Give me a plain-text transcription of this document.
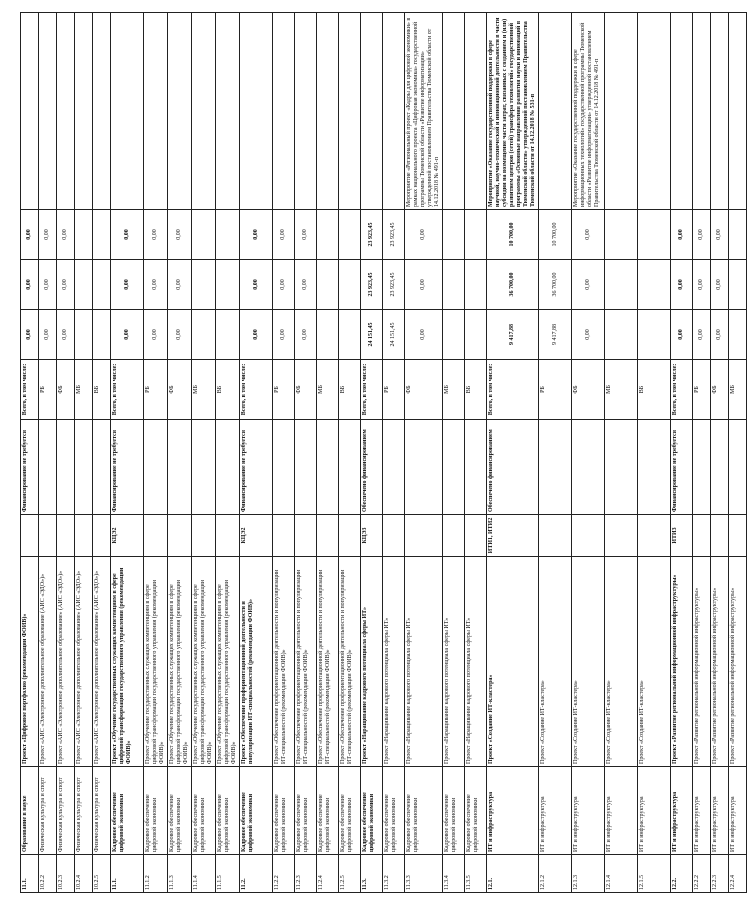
11.1.	Образование в науке	Проект «Цифровое портфолио (рекомендации ФОИВ)»		Финансирование не требуется	Всего, в том числе:	0,00	0,00	0,00	
10.2.2	Физическая культура и спорт	Проект «АИС «Электронное дополнительное образование (АИС «ЭДО»)»			РБ	0,00	0,00	0,00	
10.2.3	Физическая культура и спорт	Проект «АИС «Электронное дополнительное образование» (АИС «ЭДО»)»			ФБ	0,00	0,00	0,00	
10.2.4	Физическая культура и спорт	Проект «АИС «Электронное дополнительное образование» (АИС «ЭДО»)»			МБ				
10.2.5	Физическая культура и спорт	Проект «АИС «Электронное дополнительное образование» (АИС «ЭДО»)»			ВБ				
11.1.	Кадровое обеспечение цифровой экономики	Проект «Обучение государственных служащих компетенциям в сфере цифровой трансформации государственного управления (рекомендации ФОИВ)»	КЦЭ2	Финансирование не требуется	Всего, в том числе:	0,00	0,00	0,00	
11.1.2	Кадровое обеспечение цифровой экономики	Проект «Обучение государственных служащих компетенциям в сфере цифровой трансформации государственного управления (рекомендации ФОИВ)»			РБ	0,00	0,00	0,00	
11.1.3	Кадровое обеспечение цифровой экономики	Проект «Обучение государственных служащих компетенциям в сфере цифровой трансформации государственного управления (рекомендации ФОИВ)»			ФБ	0,00	0,00	0,00	
11.1.4	Кадровое обеспечение цифровой экономики	Проект «Обучение государственных служащих компетенциям в сфере цифровой трансформации государственного управления (рекомендации ФОИВ)»			МБ				
11.1.5	Кадровое обеспечение цифровой экономики	Проект «Обучение государственных служащих компетенциям в сфере цифровой трансформации государственного управления (рекомендации ФОИВ)»			ВБ				
11.2.	Кадровое обеспечение цифровой экономики	Проект «Обеспечение профориентационной деятельности и популяризации ИТ-специальностей (рекомендации ФОИВ)»	КЦЭ2	Финансирование не требуется	Всего, в том числе:	0,00	0,00	0,00	
11.2.2	Кадровое обеспечение цифровой экономики	Проект «Обеспечение профориентационной деятельности и популяризации ИТ-специальностей (рекомендации ФОИВ)»			РБ	0,00	0,00	0,00	
11.2.3	Кадровое обеспечение цифровой экономики	Проект «Обеспечение профориентационной деятельности и популяризации ИТ-специальностей (рекомендации ФОИВ)»			ФБ	0,00	0,00	0,00	
11.2.4	Кадровое обеспечение цифровой экономики	Проект «Обеспечение профориентационной деятельности и популяризации ИТ-специальностей (рекомендации ФОИВ)»			МБ				
11.2.5	Кадровое обеспечение цифровой экономики	Проект «Обеспечение профориентационной деятельности и популяризации ИТ-специальностей (рекомендации ФОИВ)»			ВБ				
11.3.	Кадровое обеспечение цифровой экономики	Проект «Наращивание кадрового потенциала сферы ИТ»	КЦЭ3	Обеспечено финансированием	Всего, в том числе:	24 151,45	23 923,45	23 923,45	
11.3.2	Кадровое обеспечение цифровой экономики	Проект «Наращивание кадрового потенциала сферы ИТ»			РБ	24 151,45	23 923,45	23 923,45	
11.3.3	Кадровое обеспечение цифровой экономики	Проект «Наращивание кадрового потенциала сферы ИТ»			ФБ	0,00	0,00	0,00	Мероприятие «Региональный проект «Кадры для цифровой экономики» в рамках национального проекта «Цифровая экономика» государственной программы Тюменской области «Развитие информатизации» утвержденной постановлением Правительства Тюменской области от 14.12.2018 № 491-п
11.3.4	Кадровое обеспечение цифровой экономики	Проект «Наращивание кадрового потенциала сферы ИТ»			МБ				
11.3.5	Кадровое обеспечение цифровой экономики	Проект «Наращивание кадрового потенциала сферы ИТ»			ВБ				
12.1.	ИТ и инфраструктура	Проект «Создание ИТ-кластера»	ИТИ1, ИТИ2	Обеспечено финансированием	Всего, в том числе:	9 417,88	36 700,00	10 700,00	Мероприятие «Оказание государственной поддержки в сфере научной, научно-технической и инновационной деятельности в части субсидии на возмещение части затрат, связанных с созданием и (или) развитием центров (сетей) трансфера технологий» государственной программы «Основные направления развития науки и инноваций в Тюменской области» утвержденной постановлением Правительства Тюменской области от 14.12.2018 № 531-п
12.1.2	ИТ и инфраструктура	Проект «Создание ИТ-кластера»			РБ	9 417,88	36 700,00	10 700,00	
12.1.3	ИТ и инфраструктура	Проект «Создание ИТ-кластера»			ФБ	0,00	0,00	0,00	Мероприятие «Оказание государственной поддержки в сфере информационных технологий» государственной программы Тюменской области «Развитие информатизации» утвержденной постановлением Правительства Тюменской области от 14.12.2018 № 491-п
12.1.4	ИТ и инфраструктура	Проект «Создание ИТ-кластера»			МБ				
12.1.5	ИТ и инфраструктура	Проект «Создание ИТ-кластера»			ВБ				
12.2.	ИТ и инфраструктура	Проект «Развитие региональной информационной инфраструктуры»	ИТИ3	Финансирование не требуется	Всего, в том числе:	0,00	0,00	0,00	
12.2.2	ИТ и инфраструктура	Проект «Развитие региональной информационной инфраструктуры»			РБ	0,00	0,00	0,00	
12.2.3	ИТ и инфраструктура	Проект «Развитие региональной информационной инфраструктуры»			ФБ	0,00	0,00	0,00	
12.2.4	ИТ и инфраструктура	Проект «Развитие региональной информационной инфраструктуры»			МБ				
